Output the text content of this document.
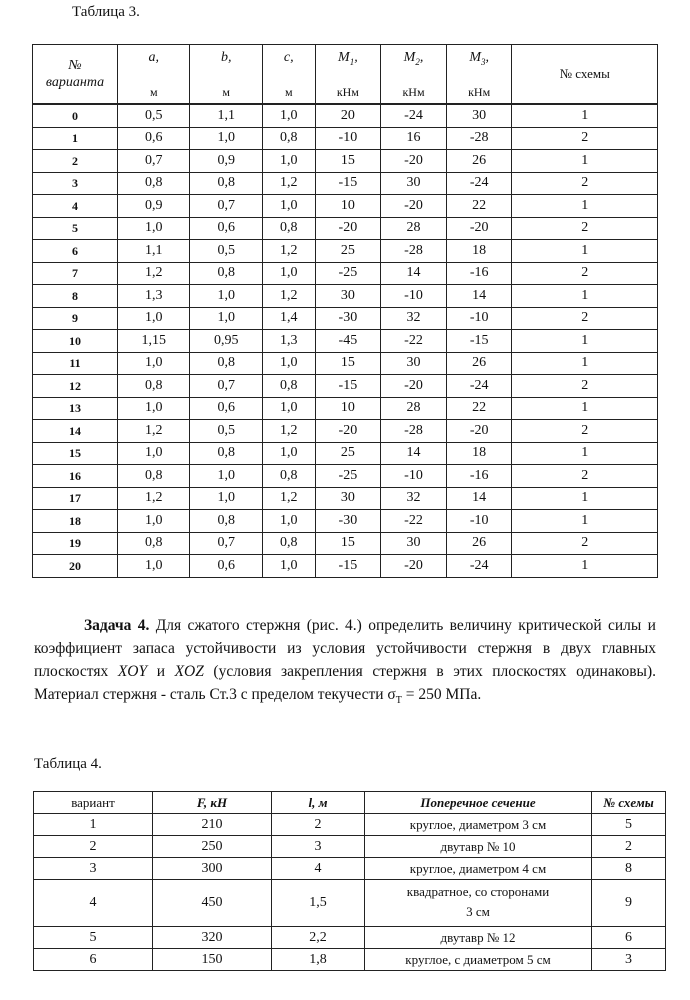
Таблица 3.
№
варианта	a,	b,	c,	$M_1$,	$M_2$,	$M_3$,	№ схемы
	м	м	м	кНм	кНм	кНм	
0	0,5	1,1	1,0	20	-24	30	1
1	0,6	1,0	0,8	-10	16	-28	2
2	0,7	0,9	1,0	15	-20	26	1
3	0,8	0,8	1,2	-15	30	-24	2
4	0,9	0,7	1,0	10	-20	22	1
5	1,0	0,6	0,8	-20	28	-20	2
6	1,1	0,5	1,2	25	-28	18	1
7	1,2	0,8	1,0	-25	14	-16	2
8	1,3	1,0	1,2	30	-10	14	1
9	1,0	1,0	1,4	-30	32	-10	2
10	1,15	0,95	1,3	-45	-22	-15	1
11	1,0	0,8	1,0	15	30	26	1
12	0,8	0,7	0,8	-15	-20	-24	2
13	1,0	0,6	1,0	10	28	22	1
14	1,2	0,5	1,2	-20	-28	-20	2
15	1,0	0,8	1,0	25	14	18	1
16	0,8	1,0	0,8	-25	-10	-16	2
17	1,2	1,0	1,2	30	32	14	1
18	1,0	0,8	1,0	-30	-22	-10	1
19	0,8	0,7	0,8	15	30	26	2
20	1,0	0,6	1,0	-15	-20	-24	1
Задача 4. Для сжатого стержня (рис. 4.) определить величину критической силы и коэффициент запаса устойчивости из условия устойчивости стержня в двух главных плоскостях XOY и XOZ (условия закрепления стержня в этих плоскостях одинаковы). Материал стержня - сталь Ст.3 с пределом текучести $\sigma_T = 250$ МПа.
Таблица 4.
вариант	F, кН	l, м	Поперечное сечение	№ схемы
1	210	2	круглое, диаметром 3 см	5
2	250	3	двутавр № 10	2
3	300	4	круглое, диаметром 4 см	8
4	450	1,5	квадратное, со сторонами
3 см	9
5	320	2,2	двутавр № 12	6
6	150	1,8	круглое, с диаметром 5 см	3
